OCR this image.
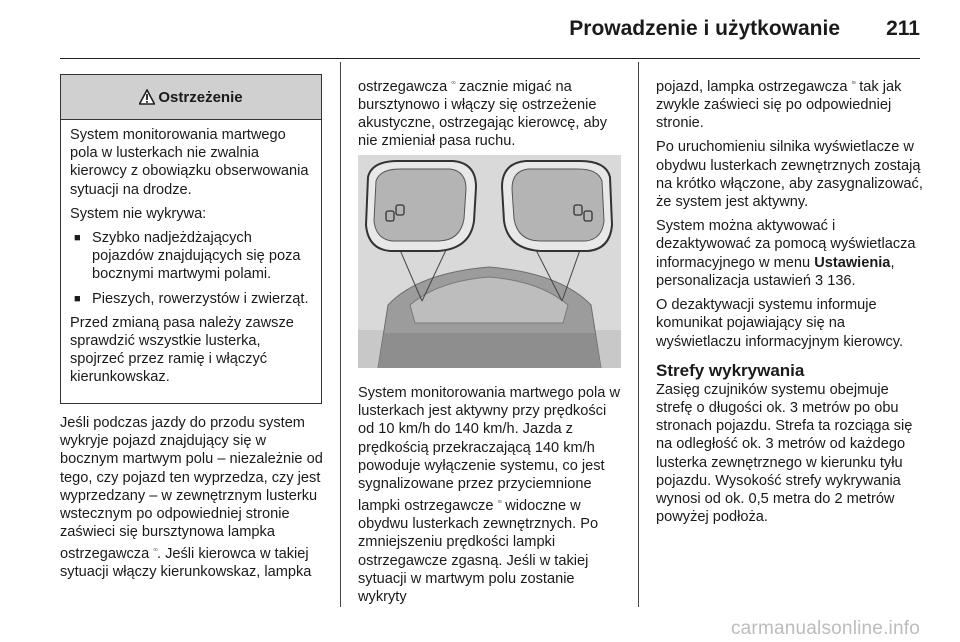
Prowadzenie i użytkowanie 211
Ostrzeżenie

System monitorowania martwego pola w lusterkach nie zwalnia kierowcy z obowiązku obserwowania sytuacji na drodze.

System nie wykrywa:

■ Szybko nadjeżdżających pojazdów znajdujących się poza bocznymi martwymi polami.
■ Pieszych, rowerzystów i zwierząt.

Przed zmianą pasa należy zawsze sprawdzić wszystkie lusterka, spojrzeć przez ramię i włączyć kierunkowskaz.

Jeśli podczas jazdy do przodu system wykryje pojazd znajdujący się w bocznym martwym polu – niezależnie od tego, czy pojazd ten wyprzedza, czy jest wyprzedzany – w zewnętrznym lusterku wstecznym po odpowiedniej stronie zaświeci się bursztynowa lampka ostrzegawcza ▫◦. Jeśli kierowca w takiej sytuacji włączy kierunkowskaz, lampka

ostrzegawcza ▫◦ zacznie migać na bursztynowo i włączy się ostrzeżenie akustyczne, ostrzegając kierowcę, aby nie zmieniał pasa ruchu.

System monitorowania martwego pola w lusterkach jest aktywny przy prędkości od 10 km/h do 140 km/h. Jazda z prędkością przekraczającą 140 km/h powoduje wyłączenie systemu, co jest sygnalizowane przez przyciemnione lampki ostrzegawcze ▫◦ widoczne w obydwu lusterkach zewnętrznych. Po zmniejszeniu prędkości lampki ostrzegawcze zgasną. Jeśli w takiej sytuacji w martwym polu zostanie wykryty

pojazd, lampka ostrzegawcza ▫◦ tak jak zwykle zaświeci się po odpowiedniej stronie.

Po uruchomieniu silnika wyświetlacze w obydwu lusterkach zewnętrznych zostają na krótko włączone, aby zasygnalizować, że system jest aktywny.

System można aktywować i dezaktywować za pomocą wyświetlacza informacyjnego w menu Ustawienia, personalizacja ustawień 3 136.

O dezaktywacji systemu informuje komunikat pojawiający się na wyświetlaczu informacyjnym kierowcy.

Strefy wykrywania

Zasięg czujników systemu obejmuje strefę o długości ok. 3 metrów po obu stronach pojazdu. Strefa ta rozciąga się na odległość ok. 3 metrów od każdego lusterka zewnętrznego w kierunku tyłu pojazdu. Wysokość strefy wykrywania wynosi od ok. 0,5 metra do 2 metrów powyżej podłoża.

carmanualsonline.info
